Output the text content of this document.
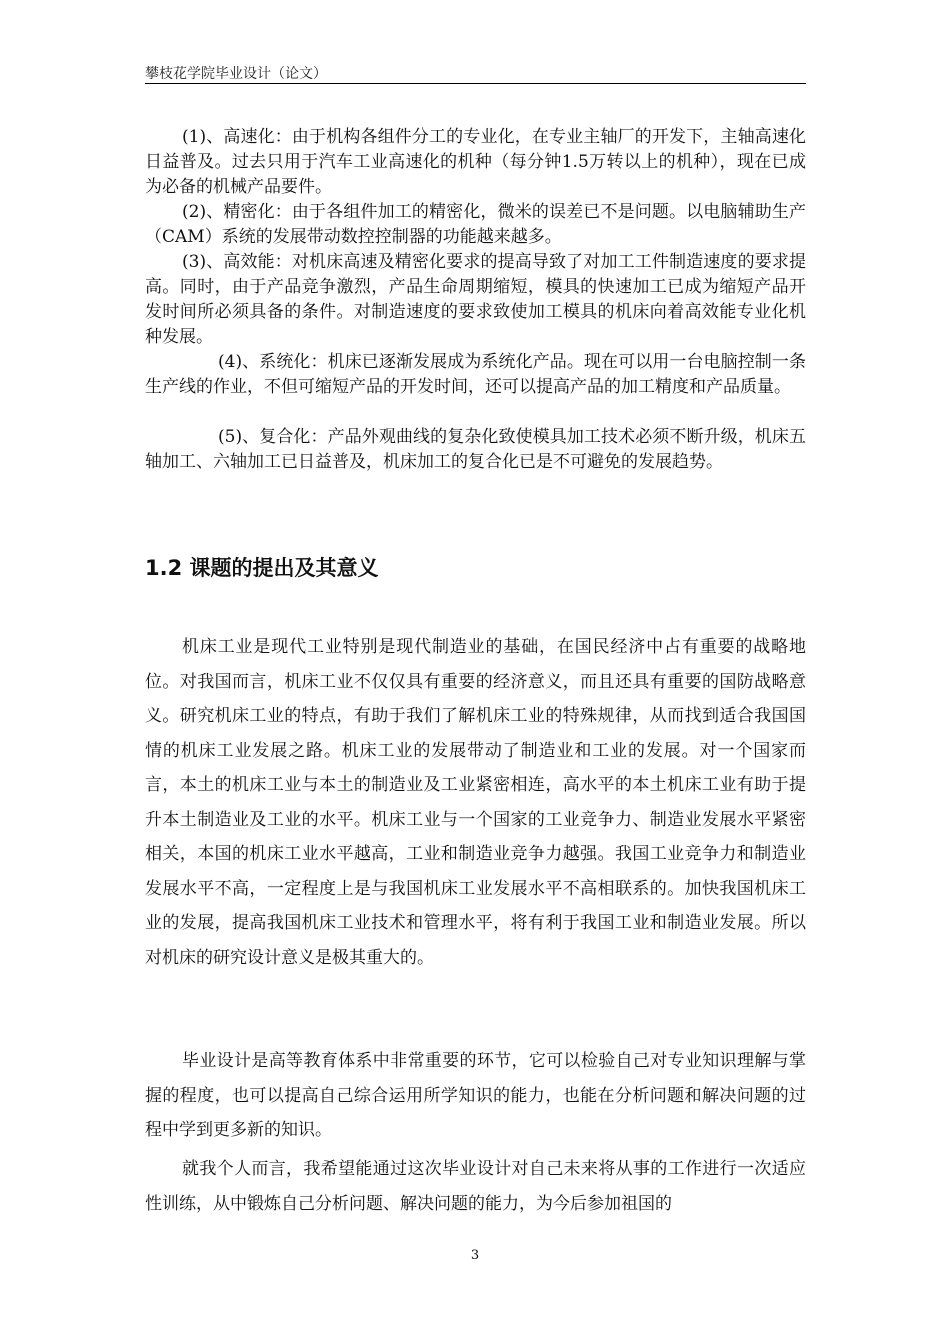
攀枝花学院毕业设计（论文）

(1)、高速化：由于机构各组件分工的专业化，在专业主轴厂的开发下，主轴高速化日益普及。过去只用于汽车工业高速化的机种（每分钟1.5万转以上的机种），现在已成为必备的机械产品要件。

(2)、精密化：由于各组件加工的精密化，微米的误差已不是问题。以电脑辅助生产（CAM）系统的发展带动数控控制器的功能越来越多。

(3)、高效能：对机床高速及精密化要求的提高导致了对加工工件制造速度的要求提高。同时，由于产品竞争激烈，产品生命周期缩短，模具的快速加工已成为缩短产品开发时间所必须具备的条件。对制造速度的要求致使加工模具的机床向着高效能专业化机种发展。

(4)、系统化：机床已逐渐发展成为系统化产品。现在可以用一台电脑控制一条生产线的作业，不但可缩短产品的开发时间，还可以提高产品的加工精度和产品质量。

(5)、复合化：产品外观曲线的复杂化致使模具加工技术必须不断升级，机床五轴加工、六轴加工已日益普及，机床加工的复合化已是不可避免的发展趋势。

1.2 课题的提出及其意义

机床工业是现代工业特别是现代制造业的基础，在国民经济中占有重要的战略地位。对我国而言，机床工业不仅仅具有重要的经济意义，而且还具有重要的国防战略意义。研究机床工业的特点，有助于我们了解机床工业的特殊规律，从而找到适合我国国情的机床工业发展之路。机床工业的发展带动了制造业和工业的发展。对一个国家而言，本土的机床工业与本土的制造业及工业紧密相连，高水平的本土机床工业有助于提升本土制造业及工业的水平。机床工业与一个国家的工业竞争力、制造业发展水平紧密相关，本国的机床工业水平越高，工业和制造业竞争力越强。我国工业竞争力和制造业发展水平不高，一定程度上是与我国机床工业发展水平不高相联系的。加快我国机床工业的发展，提高我国机床工业技术和管理水平，将有利于我国工业和制造业发展。所以对机床的研究设计意义是极其重大的。

毕业设计是高等教育体系中非常重要的环节，它可以检验自己对专业知识理解与掌握的程度，也可以提高自己综合运用所学知识的能力，也能在分析问题和解决问题的过程中学到更多新的知识。

就我个人而言，我希望能通过这次毕业设计对自己未来将从事的工作进行一次适应性训练，从中锻炼自己分析问题、解决问题的能力，为今后参加祖国的

3
